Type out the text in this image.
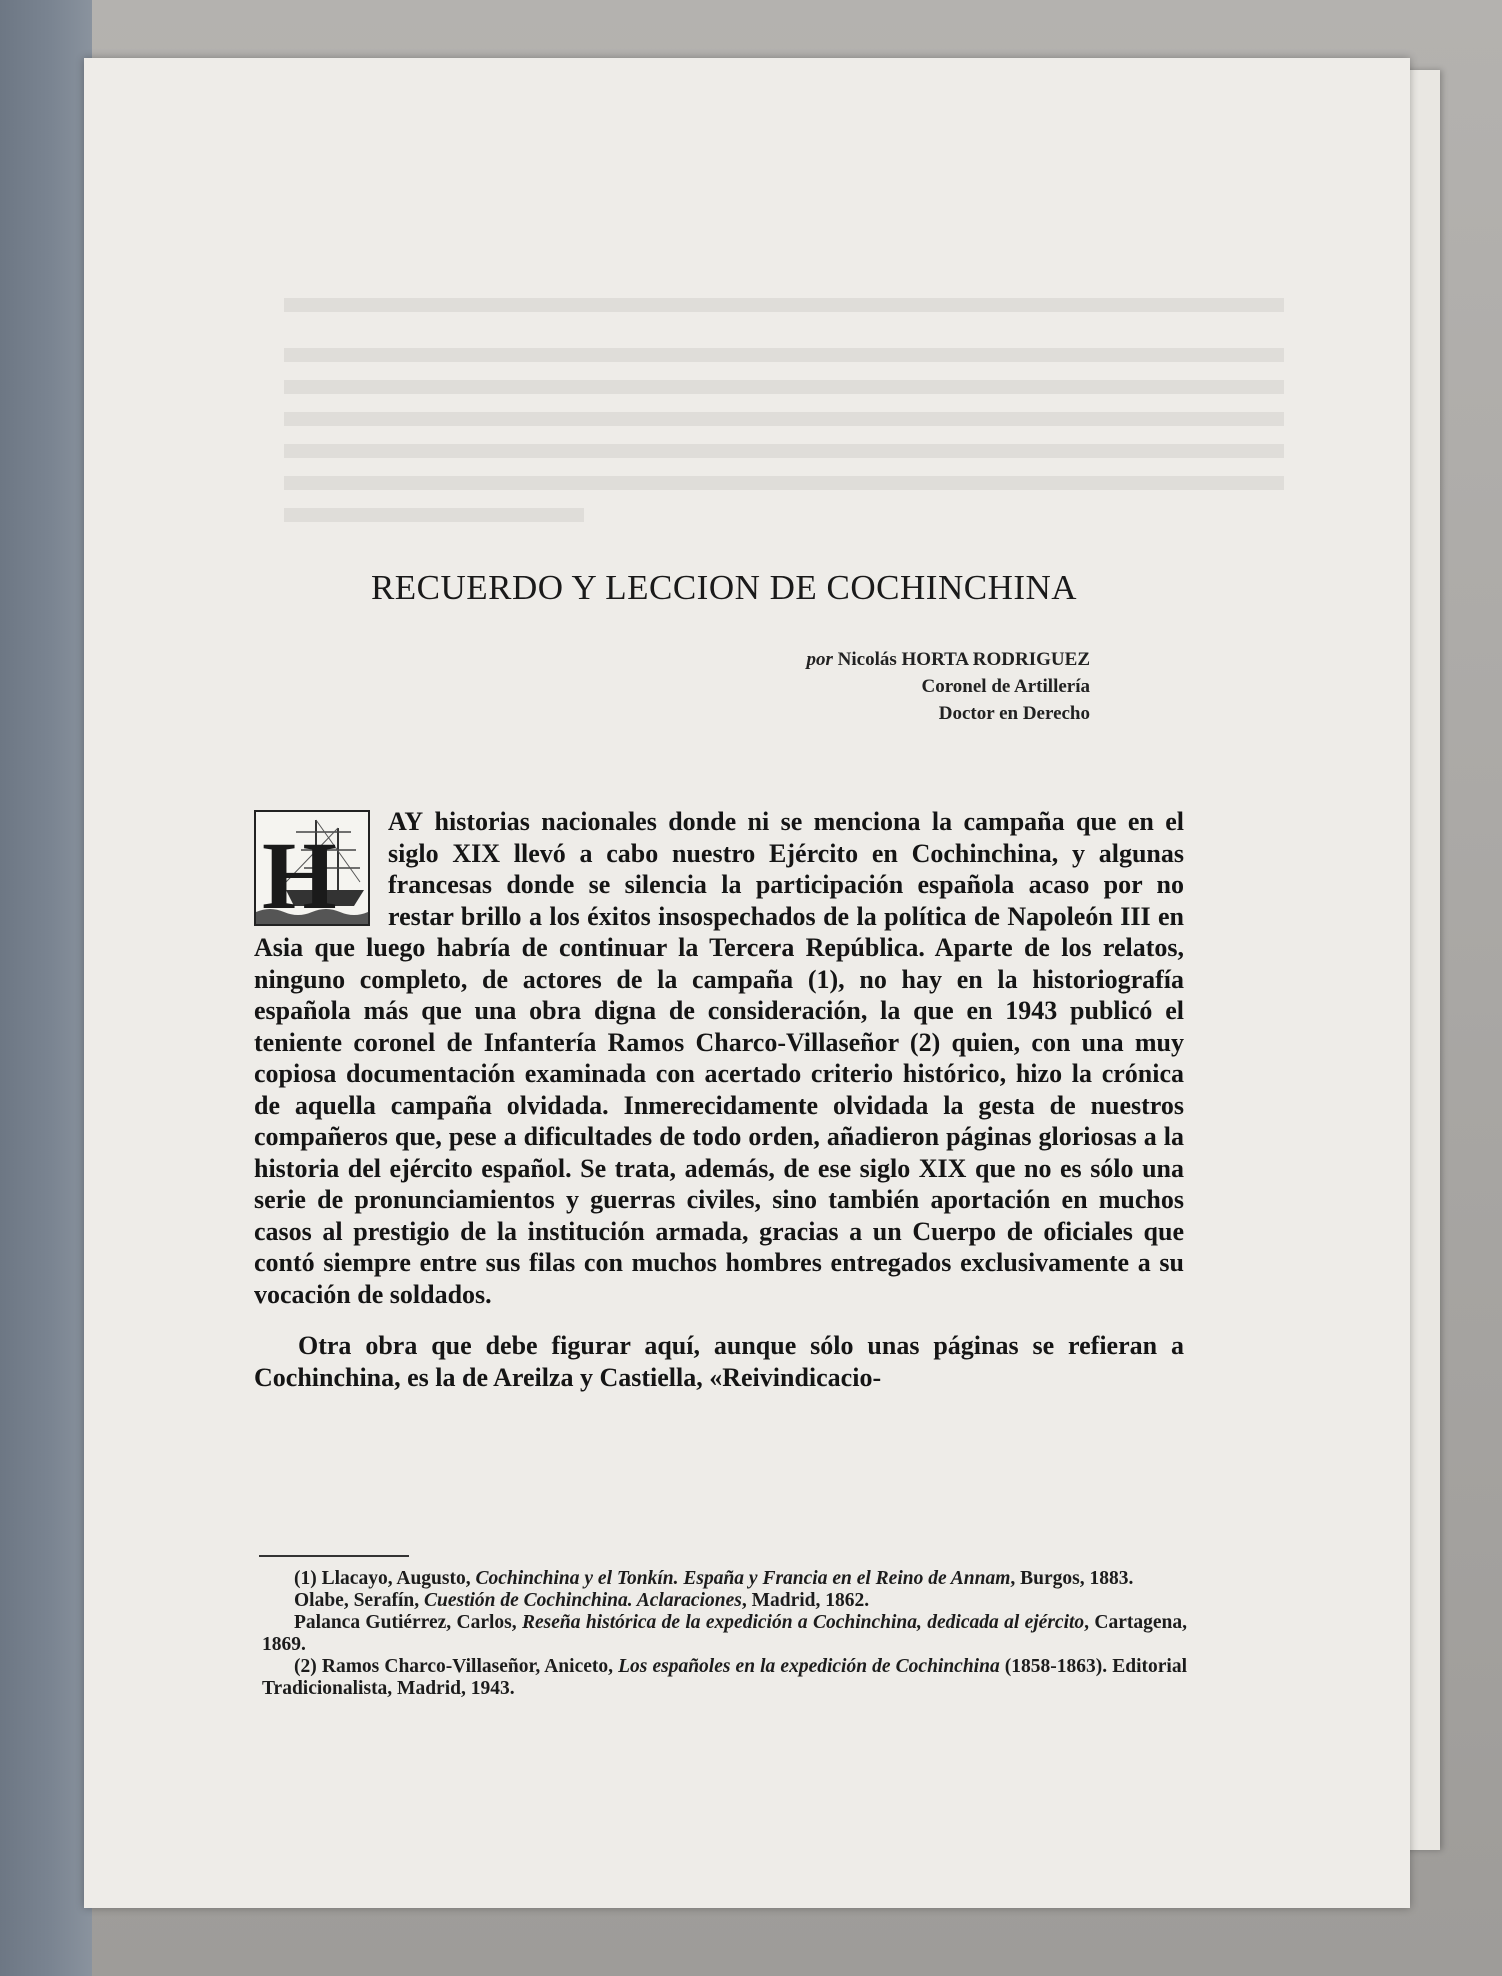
RECUERDO Y LECCION DE COCHINCHINA
por Nicolás HORTA RODRIGUEZ
Coronel de Artillería
Doctor en Derecho
H

AY historias nacionales donde ni se menciona la campaña que en el siglo XIX llevó a cabo nuestro Ejército en Cochinchina, y algunas francesas donde se silencia la participación española acaso por no restar brillo a los éxitos insospechados de la política de Napoleón III en Asia que luego habría de continuar la Tercera República. Aparte de los relatos, ninguno completo, de actores de la campaña (1), no hay en la historiografía española más que una obra digna de consideración, la que en 1943 publicó el teniente coronel de Infantería Ramos Charco-Villaseñor (2) quien, con una muy copiosa documentación examinada con acertado criterio histórico, hizo la crónica de aquella campaña olvidada. Inmerecidamente olvidada la gesta de nuestros compañeros que, pese a dificultades de todo orden, añadieron páginas gloriosas a la historia del ejército español. Se trata, además, de ese siglo XIX que no es sólo una serie de pronunciamientos y guerras civiles, sino también aportación en muchos casos al prestigio de la institución armada, gracias a un Cuerpo de oficiales que contó siempre entre sus filas con muchos hombres entregados exclusivamente a su vocación de soldados.

Otra obra que debe figurar aquí, aunque sólo unas páginas se refieran a Cochinchina, es la de Areilza y Castiella, «Reivindicacio-

(1) Llacayo, Augusto, Cochinchina y el Tonkín. España y Francia en el Reino de Annam, Burgos, 1883.

Olabe, Serafín, Cuestión de Cochinchina. Aclaraciones, Madrid, 1862.

Palanca Gutiérrez, Carlos, Reseña histórica de la expedición a Cochinchina, dedicada al ejército, Cartagena, 1869.

(2) Ramos Charco-Villaseñor, Aniceto, Los españoles en la expedición de Cochinchina (1858-1863). Editorial Tradicionalista, Madrid, 1943.
